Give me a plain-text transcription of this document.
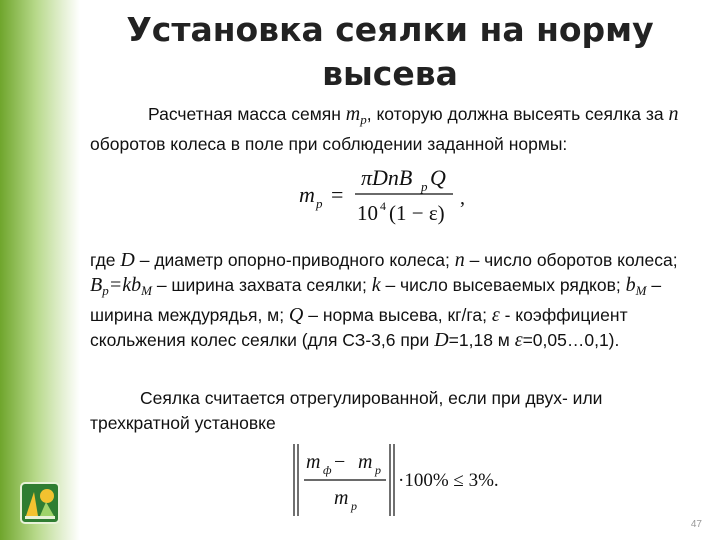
Установка сеялки на норму высева
Расчетная масса семян $m_p$, которую должна высеять сеялка за n оборотов колеса в поле при соблюдении заданной нормы:
m p =
πDnB p Q
10 4 (1 − ε)
,
где D – диаметр опорно-приводного колеса; n – число оборотов колеса; $B_p=kb_M$ – ширина захвата сеялки; k – число высеваемых рядков; $b_M$ – ширина междурядья, м; Q – норма высева, кг/га; ε - коэффициент скольжения колес сеялки (для СЗ-3,6 при D=1,18 м ε=0,05…0,1).
Сеялка считается отрегулированной, если при двух- или трехкратной установке
m ф − m p
m p
·100% ≤ 3%.
47
